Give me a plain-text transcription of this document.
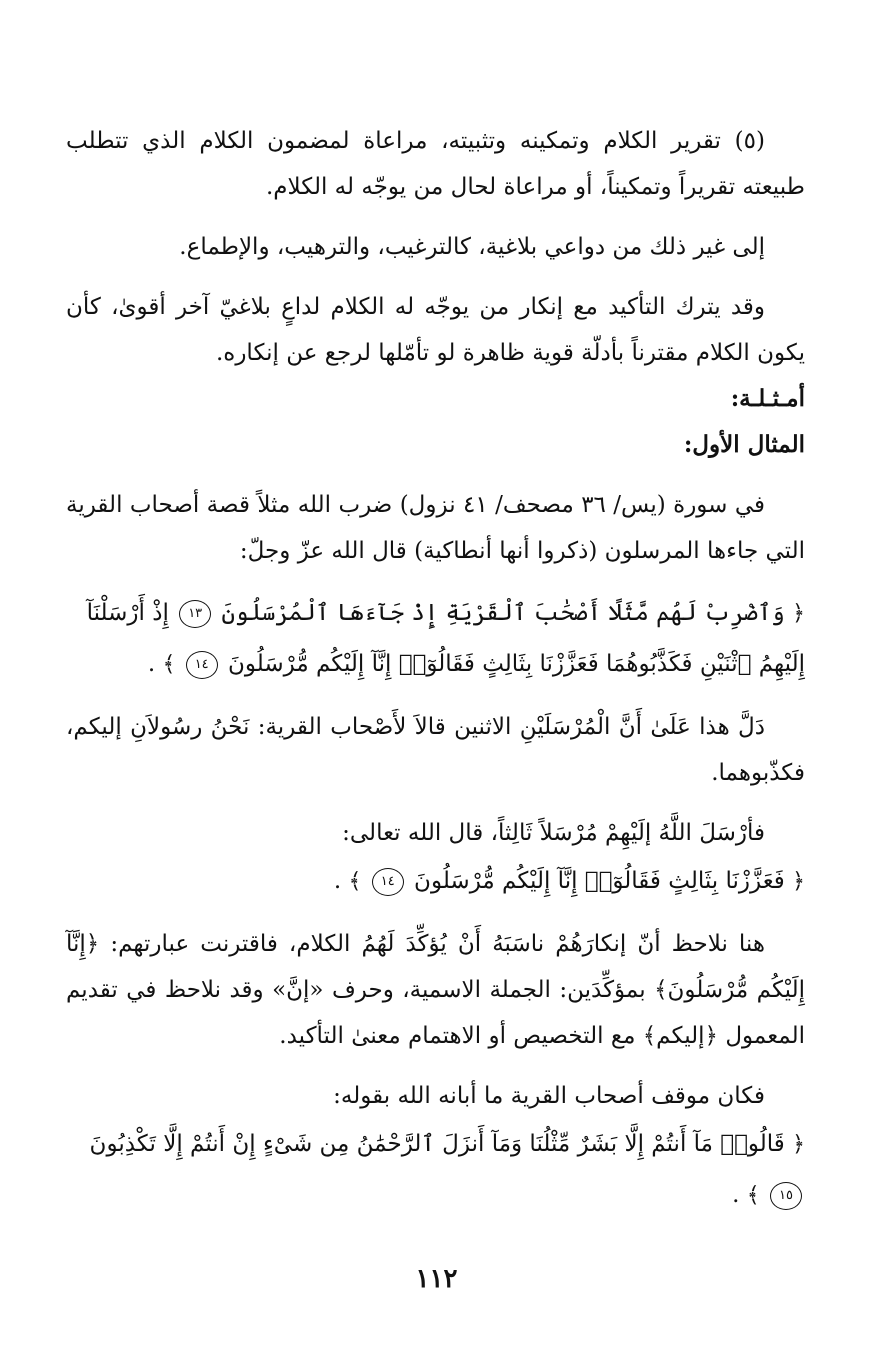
(٥) تقرير الكلام وتمكينه وتثبيته، مراعاة لمضمون الكلام الذي تتطلب طبيعته تقريراً وتمكيناً، أو مراعاة لحال من يوجّه له الكلام.

إلى غير ذلك من دواعي بلاغية، كالترغيب، والترهيب، والإطماع.

وقد يترك التأكيد مع إنكار من يوجّه له الكلام لداعٍ بلاغيّ آخر أقوىٰ، كأن يكون الكلام مقترناً بأدلّة قوية ظاهرة لو تأمّلها لرجع عن إنكاره.

أمـثـلـة:

المثال الأول:

في سورة (يس/ ٣٦ مصحف/ ٤١ نزول) ضرب الله مثلاً قصة أصحاب القرية التي جاءها المرسلون (ذكروا أنها أنطاكية) قال الله عزّ وجلّ:

﴿ وَٱضْرِبْ لَهُم مَّثَلًا أَصْحَٰبَ ٱلْقَرْيَةِ إِذْ جَآءَهَا ٱلْمُرْسَلُونَ ١٣ إِذْ أَرْسَلْنَآ إِلَيْهِمُ ٱثْنَيْنِ فَكَذَّبُوهُمَا فَعَزَّزْنَا بِثَالِثٍ فَقَالُوٓا۟ إِنَّآ إِلَيْكُم مُّرْسَلُونَ ١٤ ﴾ .

دَلَّ هذا عَلَىٰ أَنَّ الْمُرْسَلَيْنِ الاثنين قالاَ لأَصْحاب القرية: نَحْنُ رسُولاَنِ إليكم، فكذّبوهما.

فأرْسَلَ اللَّهُ إلَيْهِمْ مُرْسَلاً ثَالِثاً، قال الله تعالى:

﴿ فَعَزَّزْنَا بِثَالِثٍ فَقَالُوٓا۟ إِنَّآ إِلَيْكُم مُّرْسَلُونَ ١٤ ﴾ .

هنا نلاحظ أنّ إنكارَهُمْ ناسَبَهُ أَنْ يُؤكِّدَ لَهُمُ الكلام، فاقترنت عبارتهم: ﴿إِنَّآ إِلَيْكُم مُّرْسَلُونَ﴾ بمؤكِّدَين: الجملة الاسمية، وحرف «إنَّ» وقد نلاحظ في تقديم المعمول ﴿إليكم﴾ مع التخصيص أو الاهتمام معنىٰ التأكيد.

فكان موقف أصحاب القرية ما أبانه الله بقوله:

﴿ قَالُوا۟ مَآ أَنتُمْ إِلَّا بَشَرٌ مِّثْلُنَا وَمَآ أَنزَلَ ٱلرَّحْمَٰنُ مِن شَىْءٍ إِنْ أَنتُمْ إِلَّا تَكْذِبُونَ ١٥ ﴾ .

١١٢
